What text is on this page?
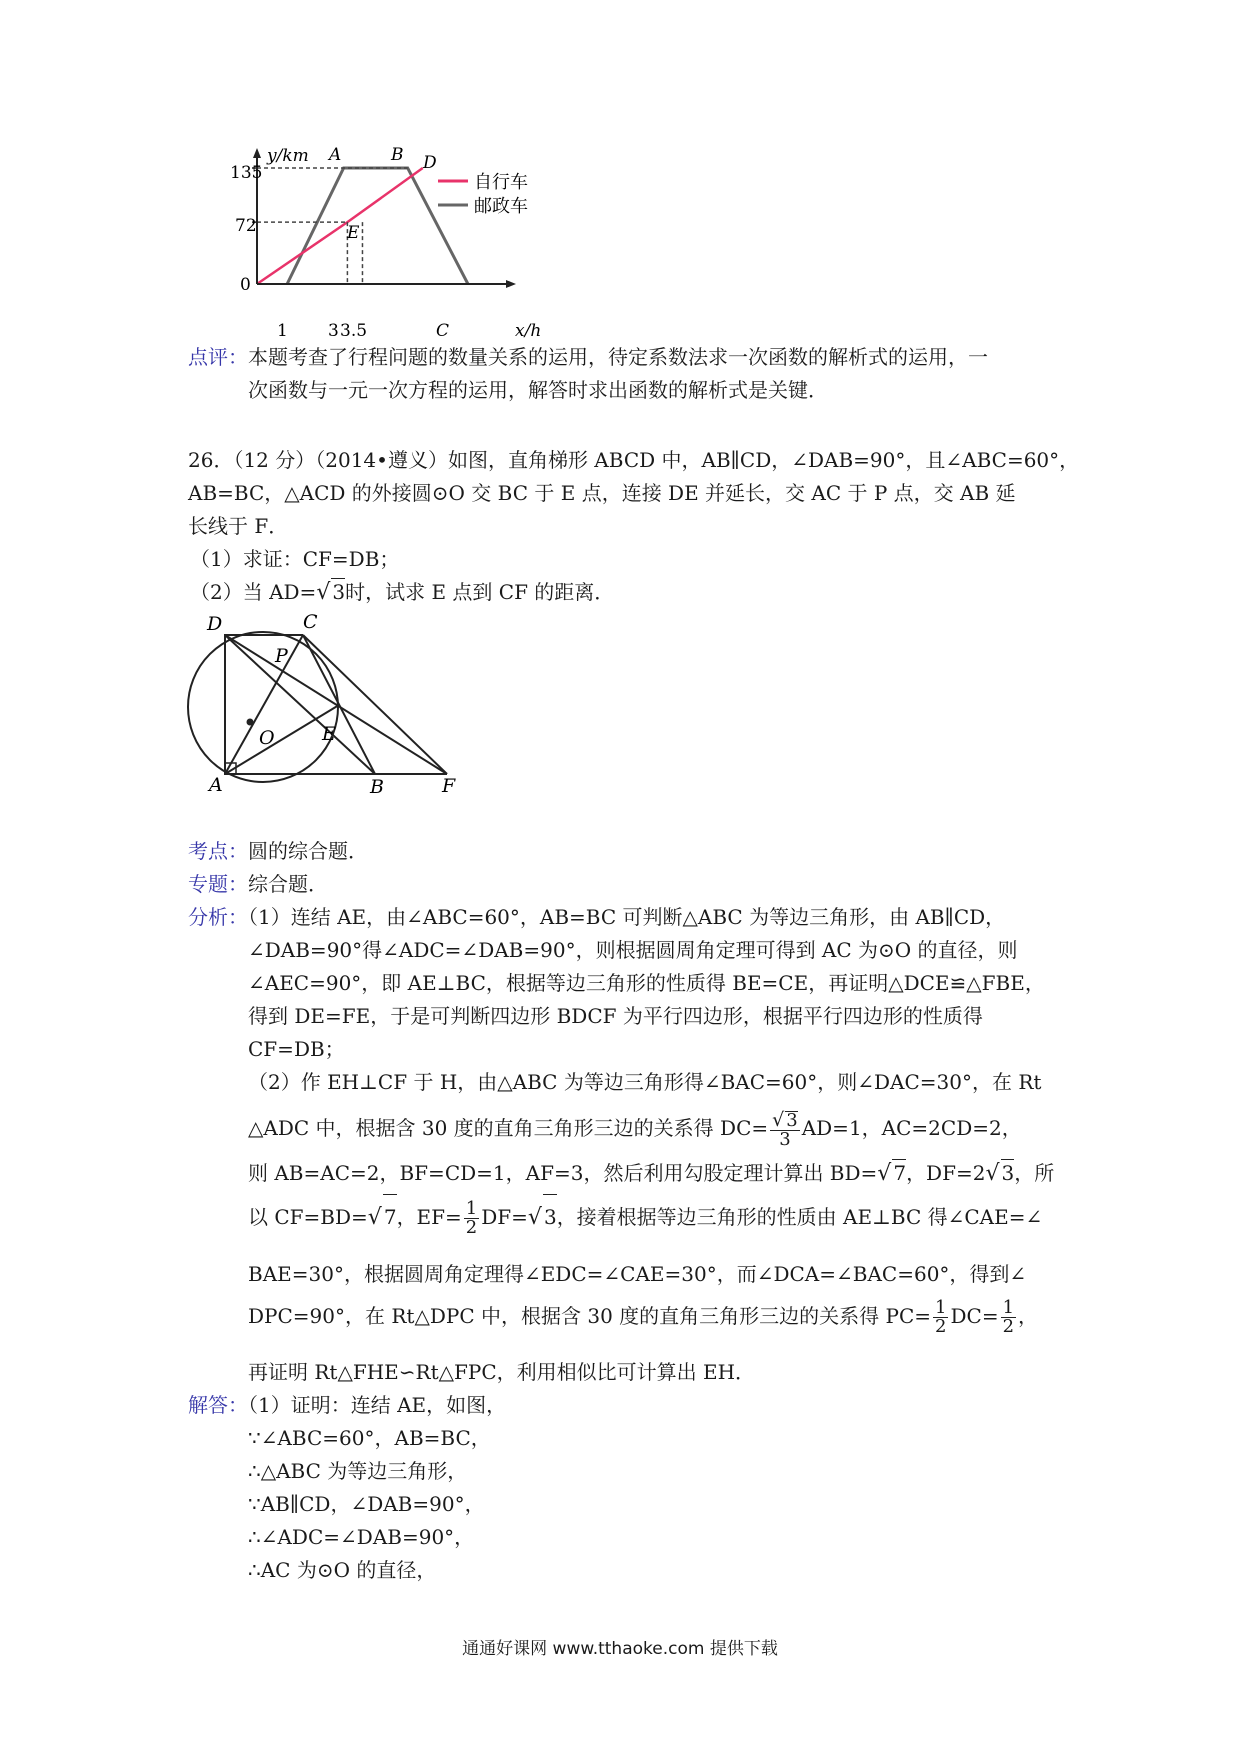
y/km
x/h
135
72
0
1 3 3.5
A	B D
E
C
自行车
邮政车
点评：本题考查了行程问题的数量关系的运用，待定系数法求一次函数的解析式的运用，一
次函数与一元一次方程的运用，解答时求出函数的解析式是关键．
26．（12 分）（2014•遵义）如图，直角梯形 ABCD 中，AB∥CD，∠DAB=90°，且∠ABC=60°，
AB=BC，△ACD 的外接圆⊙O 交 BC 于 E 点，连接 DE 并延长，交 AC 于 P 点，交 AB 延
长线于 F．
（1）求证：CF=DB；
（2）当 AD=√ 3时，试求 E 点到 CF 的距离．
D	C
P
O E
A	B	F
考点：圆的综合题．
专题：综合题．
分析：（1）连结 AE，由∠ABC=60°，AB=BC 可判断△ABC 为等边三角形，由 AB∥CD，
∠DAB=90°得∠ADC=∠DAB=90°，则根据圆周角定理可得到 AC 为⊙O 的直径，则
∠AEC=90°，即 AE⊥BC，根据等边三角形的性质得 BE=CE，再证明△DCE≌△FBE，
得到 DE=FE，于是可判断四边形 BDCF 为平行四边形，根据平行四边形的性质得
CF=DB；
（2）作 EH⊥CF 于 H，由△ABC 为等边三角形得∠BAC=60°，则∠DAC=30°，在 Rt
△ADC 中，根据含 30 度的直角三角形三边的关系得 $DC= \frac{√ 3}{3} AD=1$，AC=2CD=2，
则 AB=AC=2，BF=CD=1，AF=3，然后利用勾股定理计算出 BD=√ 7，DF=2√ 3，所
以 CF=BD=√ 7，$EF= \frac{1}{2} DF=√$ 3，接着根据等边三角形的性质由 AE⊥BC 得∠CAE=∠
BAE=30°，根据圆周角定理得∠EDC=∠CAE=30°，而∠DCA=∠BAC=60°，得到∠
DPC=90°，在 Rt△DPC 中，根据含 30 度的直角三角形三边的关系得 $PC= \frac{1}{2} DC= \frac{1}{2}$ ，
再证明 Rt△FHE∽Rt△FPC，利用相似比可计算出 EH．
解答：（1）证明：连结 AE，如图，
∵∠ABC=60°，AB=BC，
∴△ABC 为等边三角形，
∵AB∥CD，∠DAB=90°，
∴∠ADC=∠DAB=90°，
∴AC 为⊙O 的直径，
通通好课网 www.tthaoke.com 提供下载
